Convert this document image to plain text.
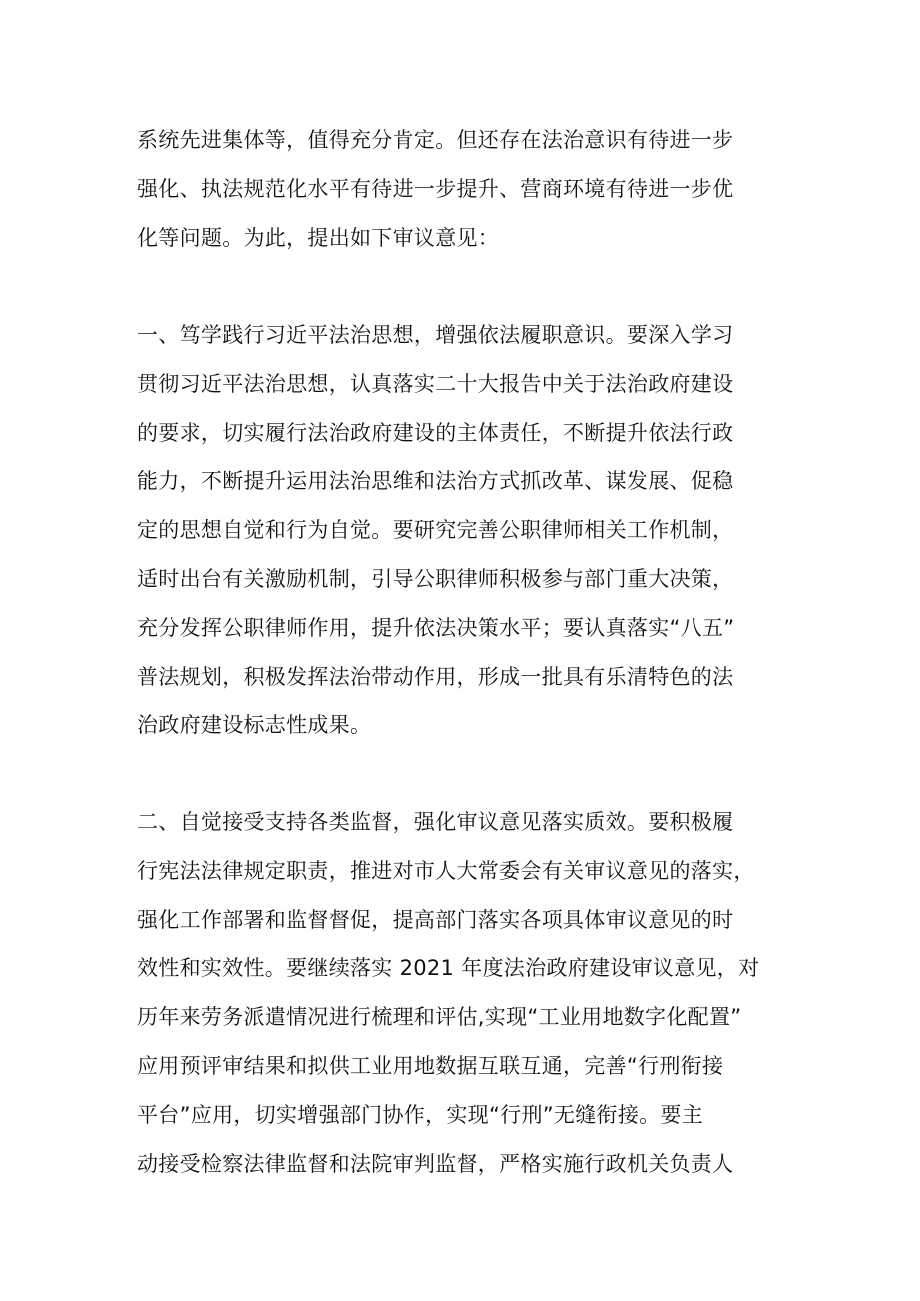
系统先进集体等，值得充分肯定。但还存在法治意识有待进一步
强化、执法规范化水平有待进一步提升、营商环境有待进一步优
化等问题。为此，提出如下审议意见：

一、笃学践行习近平法治思想，增强依法履职意识。要深入学习
贯彻习近平法治思想，认真落实二十大报告中关于法治政府建设
的要求，切实履行法治政府建设的主体责任，不断提升依法行政
能力，不断提升运用法治思维和法治方式抓改革、谋发展、促稳
定的思想自觉和行为自觉。要研究完善公职律师相关工作机制，
适时出台有关激励机制，引导公职律师积极参与部门重大决策，
充分发挥公职律师作用，提升依法决策水平；要认真落实“八五”
普法规划，积极发挥法治带动作用，形成一批具有乐清特色的法
治政府建设标志性成果。

二、自觉接受支持各类监督，强化审议意见落实质效。要积极履
行宪法法律规定职责，推进对市人大常委会有关审议意见的落实，
强化工作部署和监督督促，提高部门落实各项具体审议意见的时
效性和实效性。要继续落实 2021 年度法治政府建设审议意见，对
历年来劳务派遣情况进行梳理和评估,实现“工业用地数字化配置”
应用预评审结果和拟供工业用地数据互联互通，完善“行刑衔接
平台”应用，切实增强部门协作，实现“行刑”无缝衔接。要主
动接受检察法律监督和法院审判监督，严格实施行政机关负责人
